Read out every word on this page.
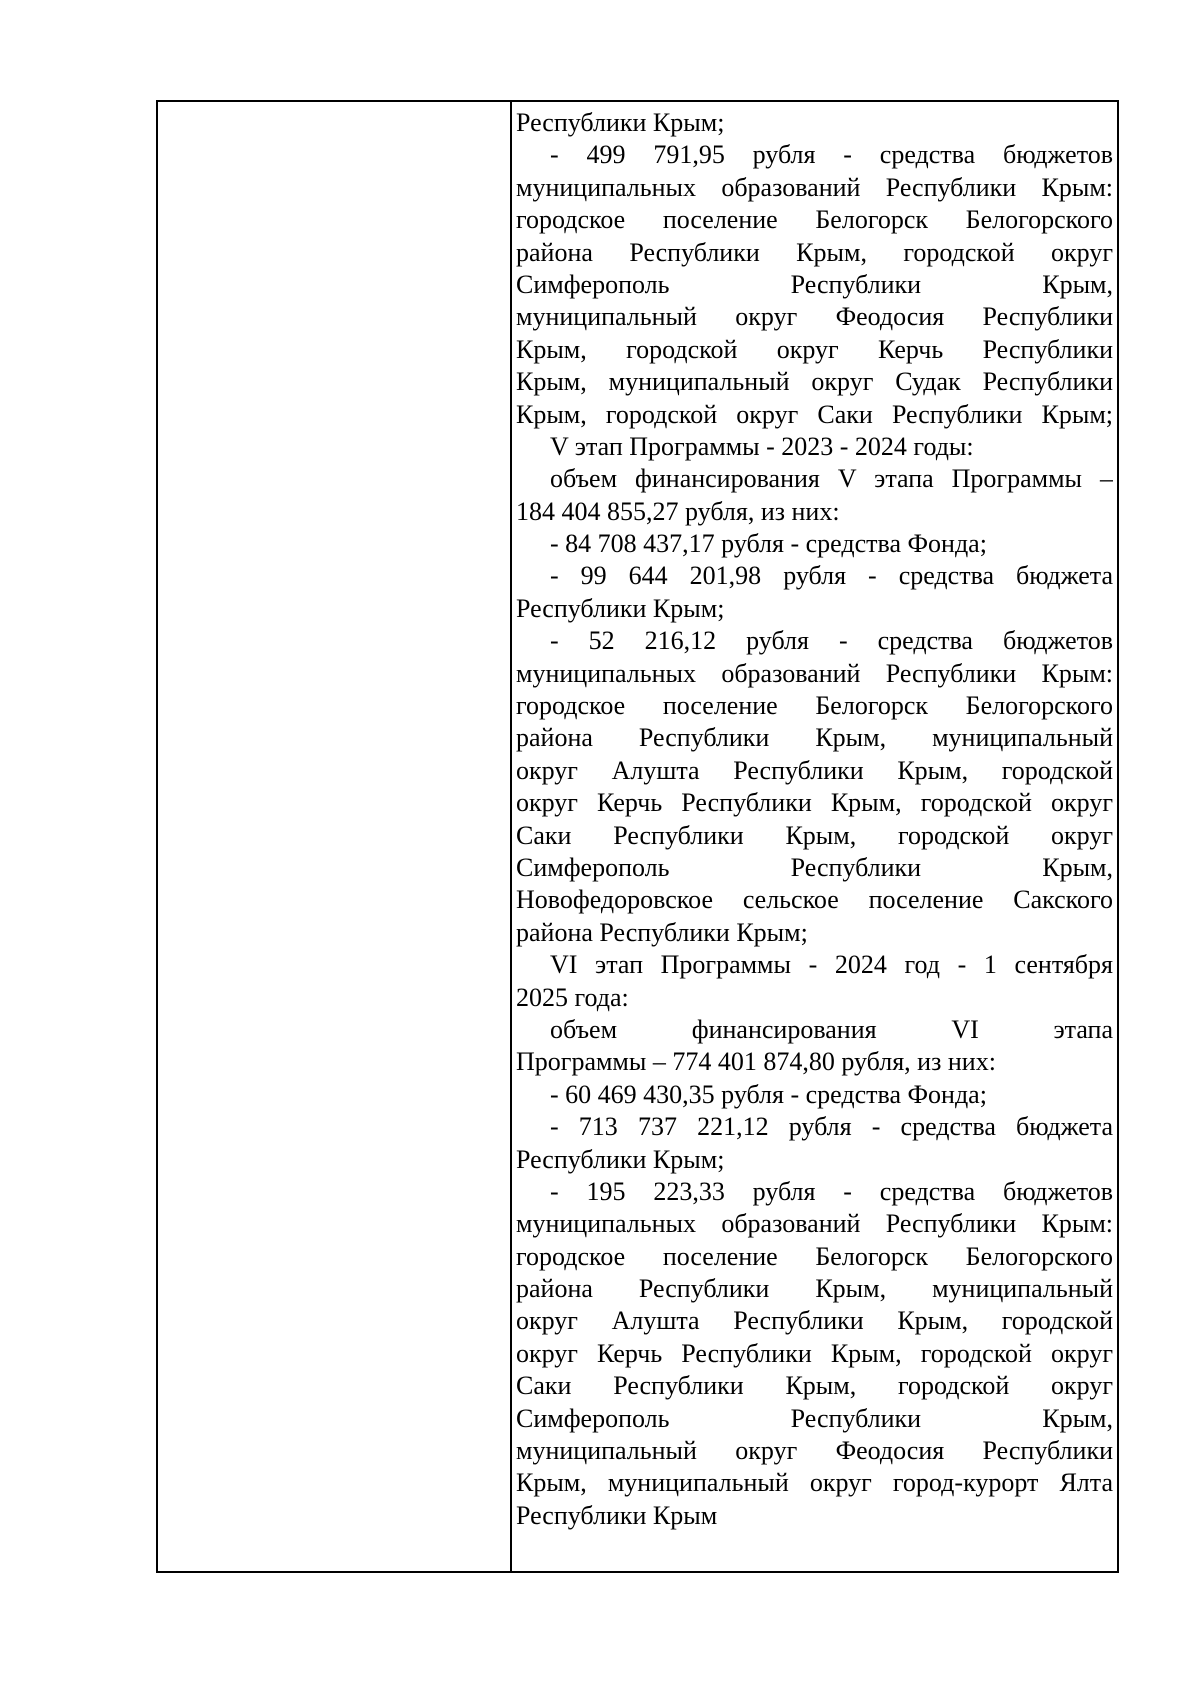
Республики Крым;
- 499 791,95 рубля - средства бюджетов
муниципальных образований Республики Крым:
городское поселение Белогорск Белогорского
района Республики Крым, городской округ
Симферополь Республики Крым,
муниципальный округ Феодосия Республики
Крым, городской округ Керчь Республики
Крым, муниципальный округ Судак Республики
Крым, городской округ Саки Республики Крым;
V этап Программы - 2023 - 2024 годы:
объем финансирования V этапа Программы –
184 404 855,27 рубля, из них:
- 84 708 437,17 рубля - средства Фонда;
- 99 644 201,98 рубля - средства бюджета
Республики Крым;
- 52 216,12 рубля - средства бюджетов
муниципальных образований Республики Крым:
городское поселение Белогорск Белогорского
района Республики Крым, муниципальный
округ Алушта Республики Крым, городской
округ Керчь Республики Крым, городской округ
Саки Республики Крым, городской округ
Симферополь Республики Крым,
Новофедоровское сельское поселение Сакского
района Республики Крым;
VI этап Программы - 2024 год - 1 сентября
2025 года:
объем финансирования VI этапа
Программы – 774 401 874,80 рубля, из них:
- 60 469 430,35 рубля - средства Фонда;
- 713 737 221,12 рубля - средства бюджета
Республики Крым;
- 195 223,33 рубля - средства бюджетов
муниципальных образований Республики Крым:
городское поселение Белогорск Белогорского
района Республики Крым, муниципальный
округ Алушта Республики Крым, городской
округ Керчь Республики Крым, городской округ
Саки Республики Крым, городской округ
Симферополь Республики Крым,
муниципальный округ Феодосия Республики
Крым, муниципальный округ город-курорт Ялта
Республики Крым
